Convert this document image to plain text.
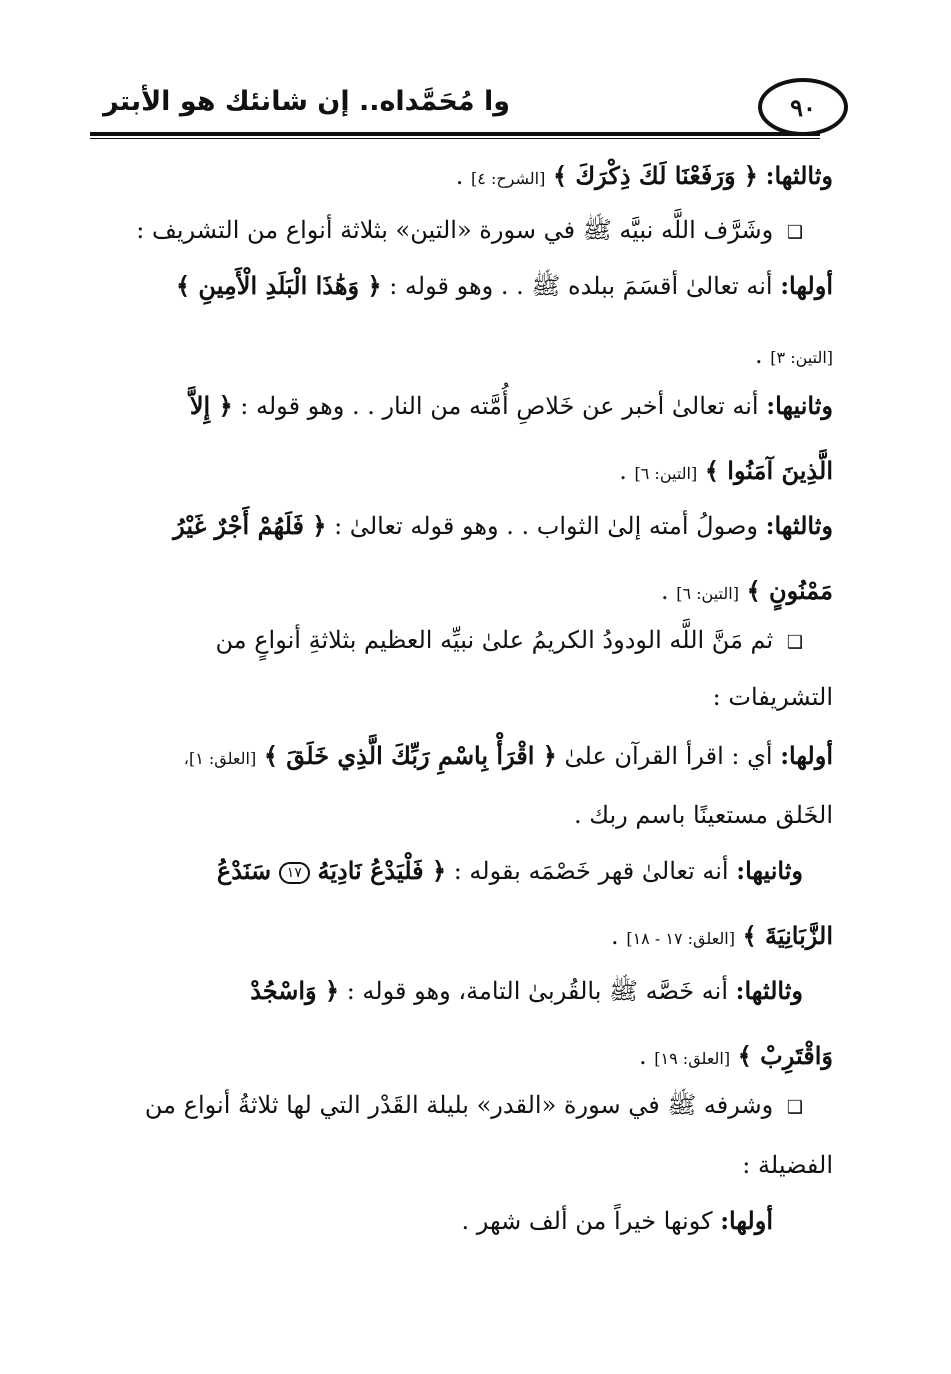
٩٠
وا مُحَمَّداه.. إن شانئك هو الأبتر
وثالثها: ﴿ وَرَفَعْنَا لَكَ ذِكْرَكَ ﴾ [الشرح: ٤] .
❑ وشَرَّف اللَّه نبيَّه ﷺ في سورة «التين» بثلاثة أنواع من التشريف :
أولها: أنه تعالىٰ أقسَمَ ببلده ﷺ . . وهو قوله : ﴿ وَهَٰذَا الْبَلَدِ الْأَمِينِ ﴾
[التين: ٣] .
وثانيها: أنه تعالىٰ أخبر عن خَلاصِ أُمَّته من النار . . وهو قوله : ﴿ إِلاَّ
الَّذِينَ آمَنُوا ﴾ [التين: ٦] .
وثالثها: وصولُ أمته إلىٰ الثواب . . وهو قوله تعالىٰ : ﴿ فَلَهُمْ أَجْرٌ غَيْرُ
مَمْنُونٍ ﴾ [التين: ٦] .
❑ ثم مَنَّ اللَّه الودودُ الكريمُ علىٰ نبيِّه العظيم بثلاثةِ أنواعٍ من
التشريفات :
أولها: أي : اقرأ القرآن علىٰ ﴿ اقْرَأْ بِاسْمِ رَبِّكَ الَّذِي خَلَقَ ﴾ [العلق: ١]،
الخَلق مستعينًا باسم ربك .
وثانيها: أنه تعالىٰ قهر خَصْمَه بقوله : ﴿ فَلْيَدْعُ نَادِيَهُ ١٧ سَنَدْعُ
الزَّبَانِيَةَ ﴾ [العلق: ١٧ - ١٨] .
وثالثها: أنه خَصَّه ﷺ بالقُربىٰ التامة، وهو قوله : ﴿ وَاسْجُدْ
وَاقْتَرِبْ ﴾ [العلق: ١٩] .
❑ وشرفه ﷺ في سورة «القدر» بليلة القَدْر التي لها ثلاثةُ أنواع من
الفضيلة :
أولها: كونها خيراً من ألف شهر .
